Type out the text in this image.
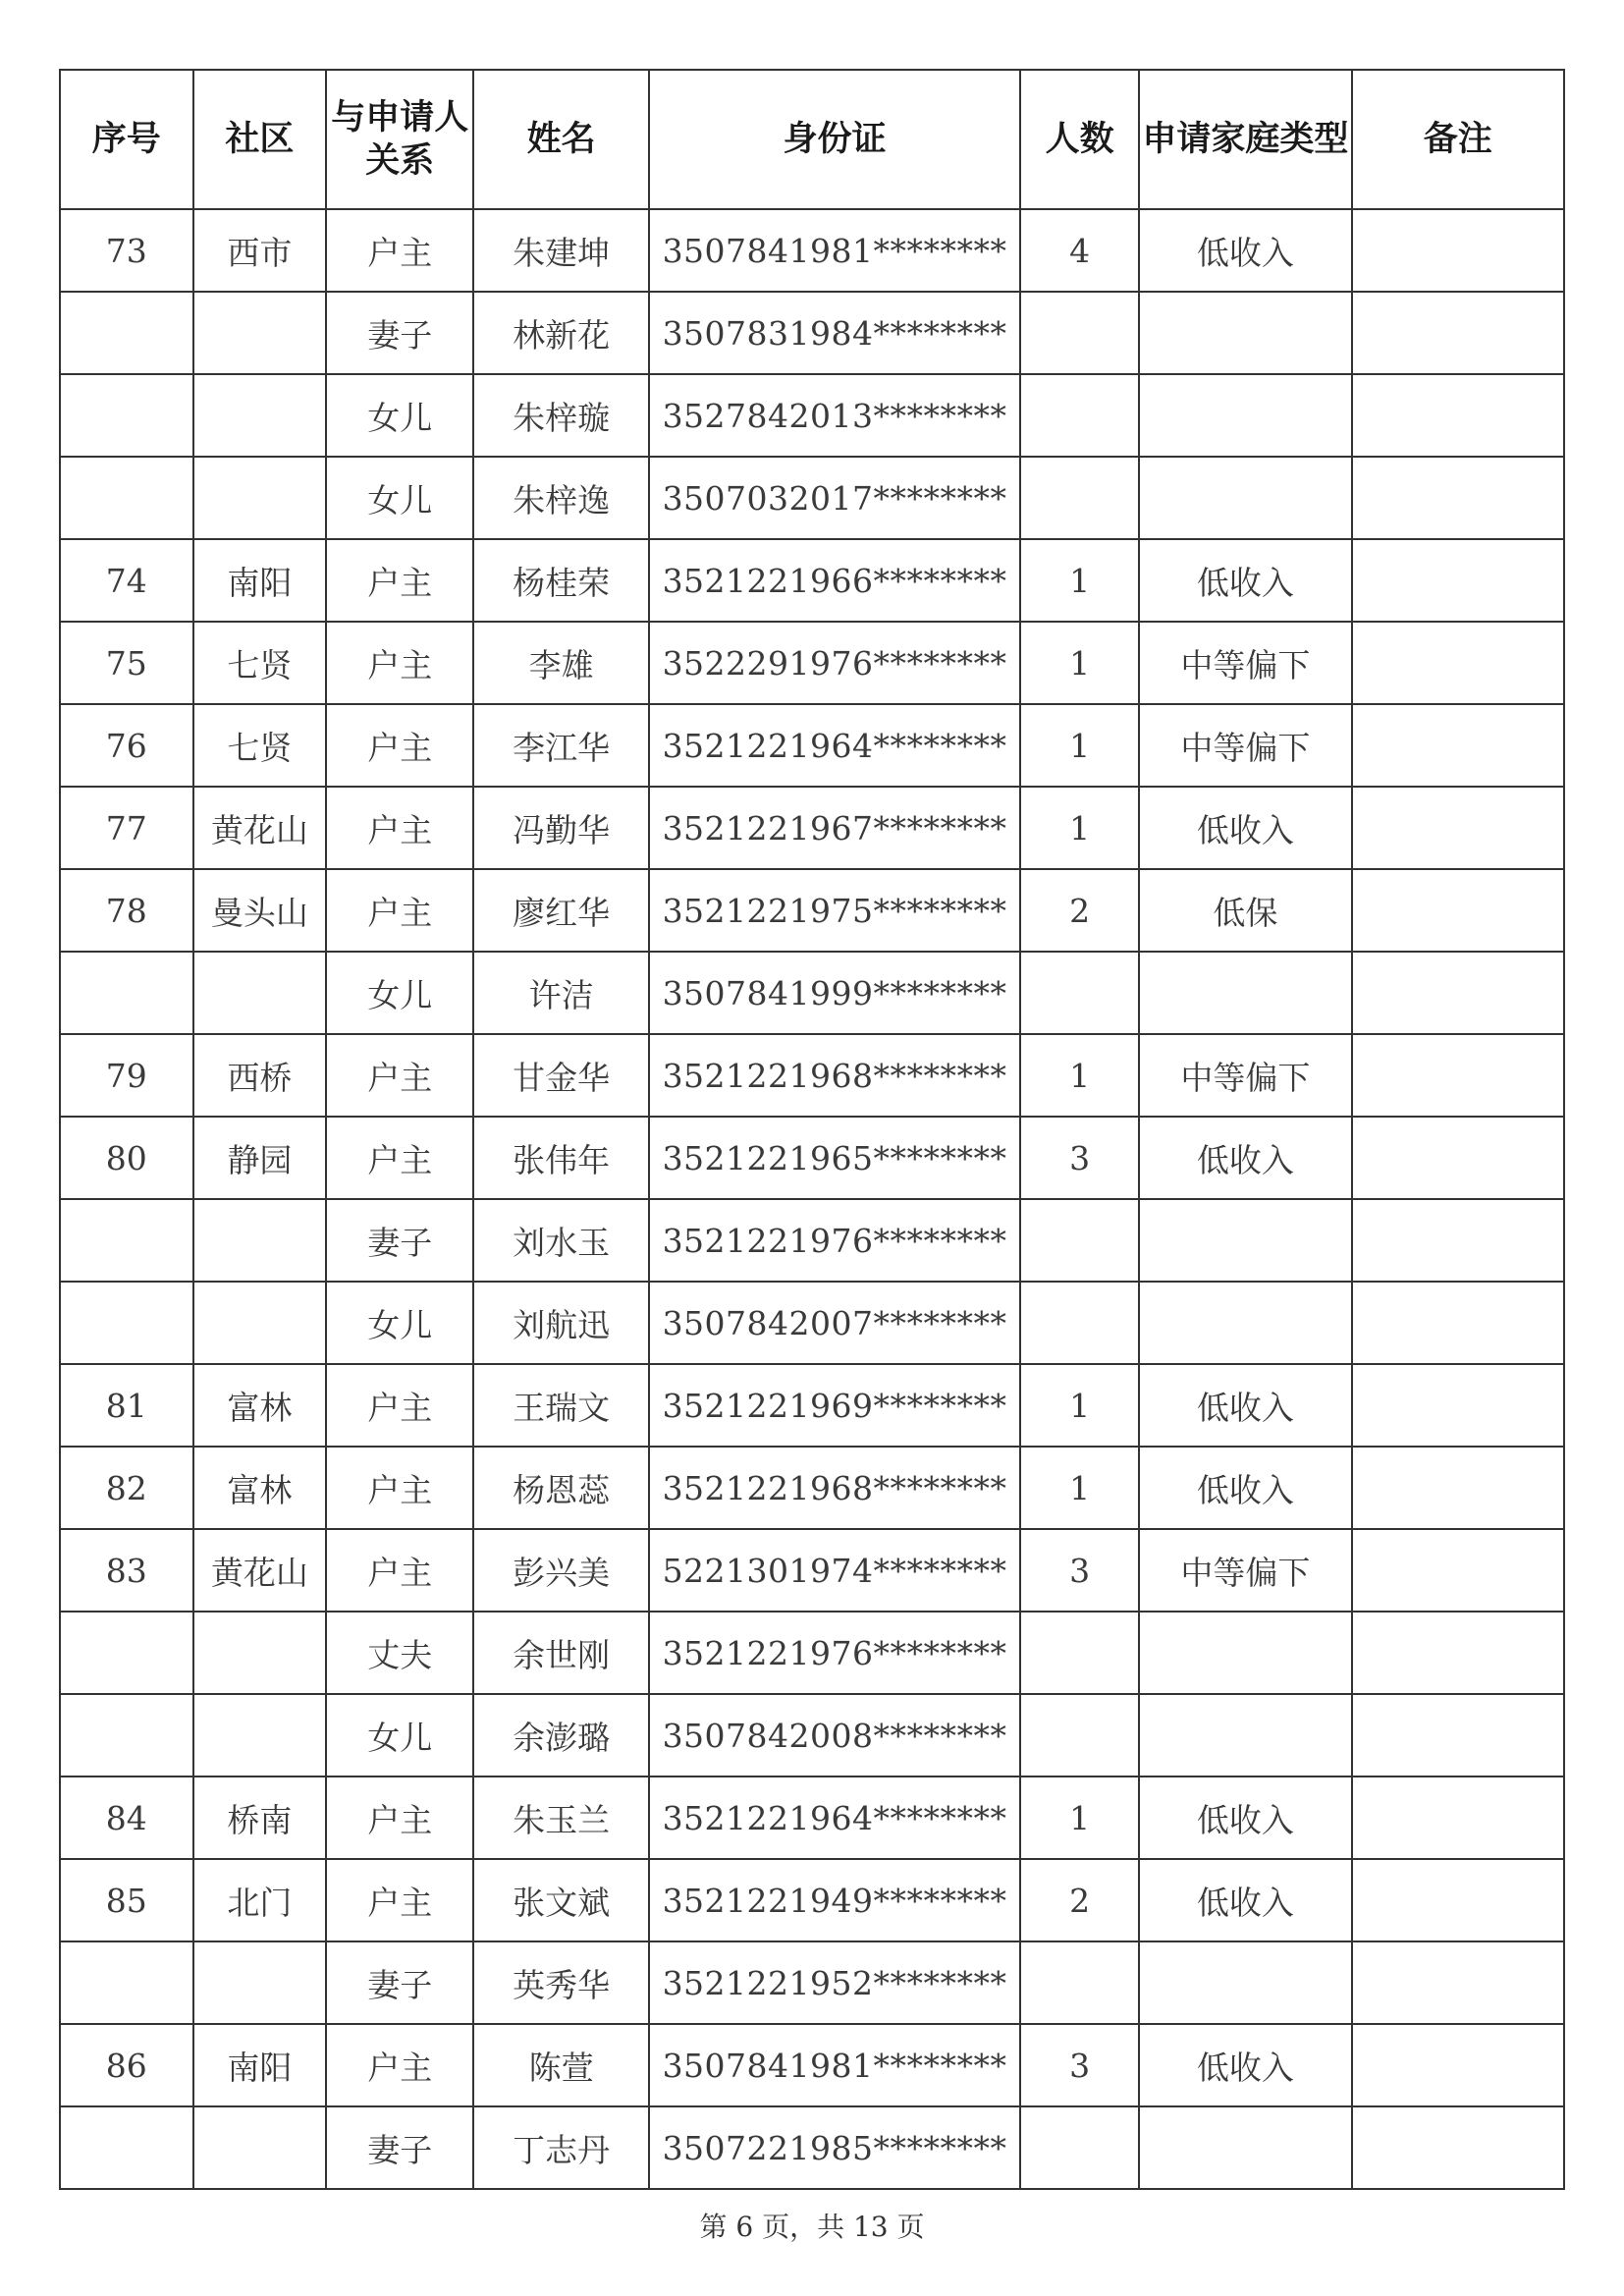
序号	社区	与申请人关系	姓名	身份证	人数	申请家庭类型	备注
73	西市	户主	朱建坤	3507841981********	4	低收入	
		妻子	林新花	3507831984********			
		女儿	朱梓璇	3527842013********			
		女儿	朱梓逸	3507032017********			
74	南阳	户主	杨桂荣	3521221966********	1	低收入	
75	七贤	户主	李雄	3522291976********	1	中等偏下	
76	七贤	户主	李江华	3521221964********	1	中等偏下	
77	黄花山	户主	冯勤华	3521221967********	1	低收入	
78	曼头山	户主	廖红华	3521221975********	2	低保	
		女儿	许洁	3507841999********			
79	西桥	户主	甘金华	3521221968********	1	中等偏下	
80	静园	户主	张伟年	3521221965********	3	低收入	
		妻子	刘水玉	3521221976********			
		女儿	刘航迅	3507842007********			
81	富林	户主	王瑞文	3521221969********	1	低收入	
82	富林	户主	杨恩蕊	3521221968********	1	低收入	
83	黄花山	户主	彭兴美	5221301974********	3	中等偏下	
		丈夫	余世刚	3521221976********			
		女儿	余澎璐	3507842008********			
84	桥南	户主	朱玉兰	3521221964********	1	低收入	
85	北门	户主	张文斌	3521221949********	2	低收入	
		妻子	英秀华	3521221952********			
86	南阳	户主	陈萱	3507841981********	3	低收入	
		妻子	丁志丹	3507221985********			
第 6 页，共 13 页
